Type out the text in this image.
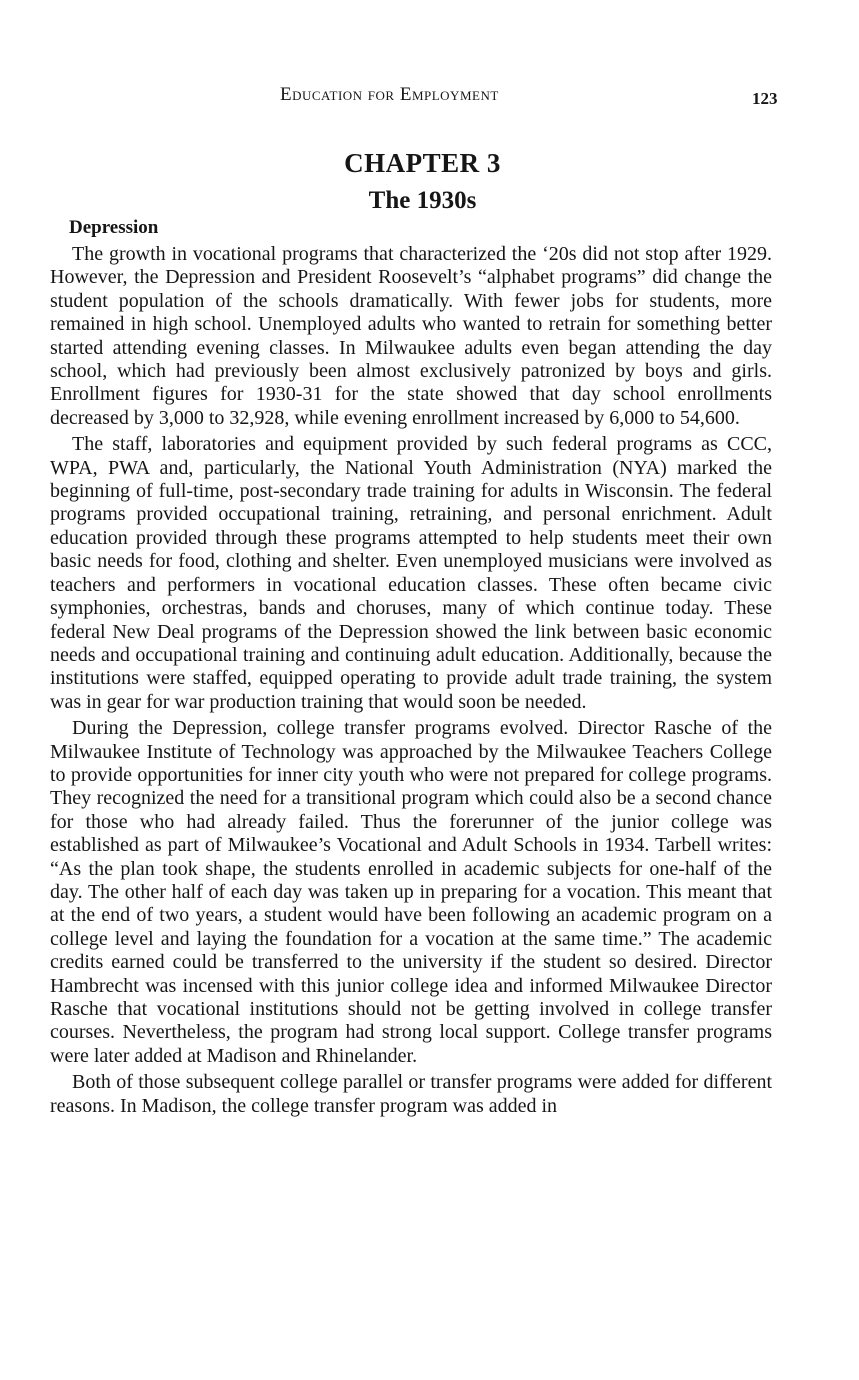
Education for Employment	123
CHAPTER 3
The 1930s
Depression

The growth in vocational programs that characterized the ‘20s did not stop after 1929. However, the Depression and President Roosevelt’s “alphabet programs” did change the student population of the schools dramatically. With fewer jobs for students, more remained in high school. Unemployed adults who wanted to retrain for something better started attending evening classes. In Milwaukee adults even began attending the day school, which had previously been almost exclusively patronized by boys and girls. Enrollment figures for 1930-31 for the state showed that day school enrollments decreased by 3,000 to 32,928, while evening enrollment increased by 6,000 to 54,600.

The staff, laboratories and equipment provided by such federal programs as CCC, WPA, PWA and, particularly, the National Youth Administration (NYA) marked the beginning of full-time, post-secondary trade training for adults in Wisconsin. The federal programs provided occupational training, retraining, and personal enrichment. Adult education provided through these programs attempted to help students meet their own basic needs for food, clothing and shelter. Even unemployed musicians were involved as teachers and performers in vocational education classes. These often became civic symphonies, orchestras, bands and choruses, many of which continue today. These federal New Deal programs of the Depression showed the link between basic economic needs and occupational training and continuing adult education. Additionally, because the institutions were staffed, equipped operating to provide adult trade training, the system was in gear for war production training that would soon be needed.

During the Depression, college transfer programs evolved. Director Rasche of the Milwaukee Institute of Technology was approached by the Milwaukee Teachers College to provide opportunities for inner city youth who were not prepared for college programs. They recognized the need for a transitional program which could also be a second chance for those who had already failed. Thus the forerunner of the junior college was established as part of Milwaukee’s Vocational and Adult Schools in 1934. Tarbell writes: “As the plan took shape, the students enrolled in academic subjects for one-half of the day. The other half of each day was taken up in preparing for a vocation. This meant that at the end of two years, a student would have been following an academic program on a college level and laying the foundation for a vocation at the same time.” The academic credits earned could be transferred to the university if the student so desired. Director Hambrecht was incensed with this junior college idea and informed Milwaukee Director Rasche that vocational institutions should not be getting involved in college transfer courses. Nevertheless, the program had strong local support. College transfer programs were later added at Madison and Rhinelander.

Both of those subsequent college parallel or transfer programs were added for different reasons. In Madison, the college transfer program was added in
